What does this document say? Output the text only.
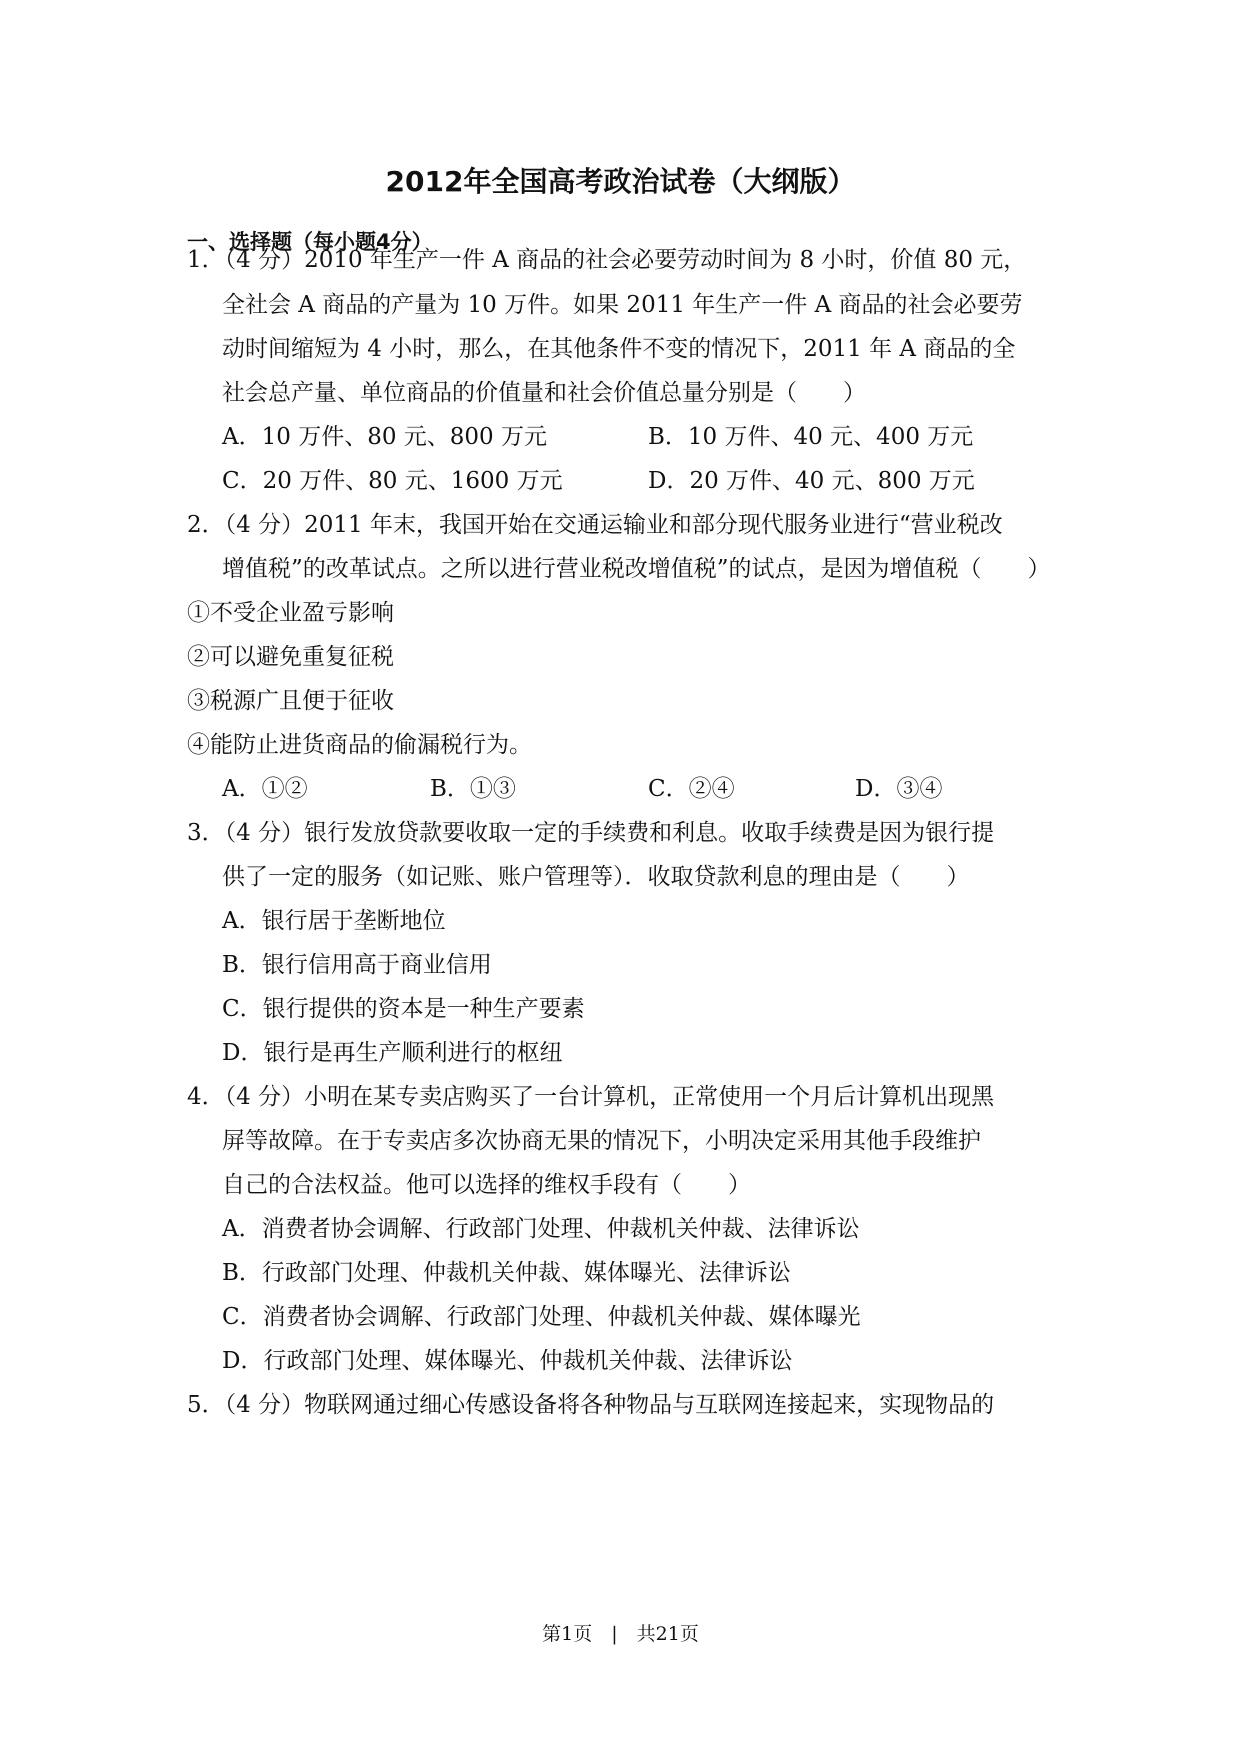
2012年全国高考政治试卷（大纲版）
一、选择题（每小题4分）
1．（4 分）2010 年生产一件 A 商品的社会必要劳动时间为 8 小时，价值 80 元，
全社会 A 商品的产量为 10 万件。如果 2011 年生产一件 A 商品的社会必要劳
动时间缩短为 4 小时，那么，在其他条件不变的情况下，2011 年 A 商品的全
社会总产量、单位商品的价值量和社会价值总量分别是（　　）
A．10 万件、80 元、800 万元	B．10 万件、40 元、400 万元
C．20 万件、80 元、1600 万元	D．20 万件、40 元、800 万元
2．（4 分）2011 年末，我国开始在交通运输业和部分现代服务业进行“营业税改
增值税”的改革试点。之所以进行营业税改增值税”的试点，是因为增值税（　　）
①不受企业盈亏影响
②可以避免重复征税
③税源广且便于征收
④能防止进货商品的偷漏税行为。
A．①②	B．①③	C．②④	D．③④
3．（4 分）银行发放贷款要收取一定的手续费和利息。收取手续费是因为银行提
供了一定的服务（如记账、账户管理等）．收取贷款利息的理由是（　　）
A．银行居于垄断地位
B．银行信用高于商业信用
C．银行提供的资本是一种生产要素
D．银行是再生产顺利进行的枢纽
4．（4 分）小明在某专卖店购买了一台计算机，正常使用一个月后计算机出现黑
屏等故障。在于专卖店多次协商无果的情况下，小明决定采用其他手段维护
自己的合法权益。他可以选择的维权手段有（　　）
A．消费者协会调解、行政部门处理、仲裁机关仲裁、法律诉讼
B．行政部门处理、仲裁机关仲裁、媒体曝光、法律诉讼
C．消费者协会调解、行政部门处理、仲裁机关仲裁、媒体曝光
D．行政部门处理、媒体曝光、仲裁机关仲裁、法律诉讼
5．（4 分）物联网通过细心传感设备将各种物品与互联网连接起来，实现物品的
第1页　|　共21页
